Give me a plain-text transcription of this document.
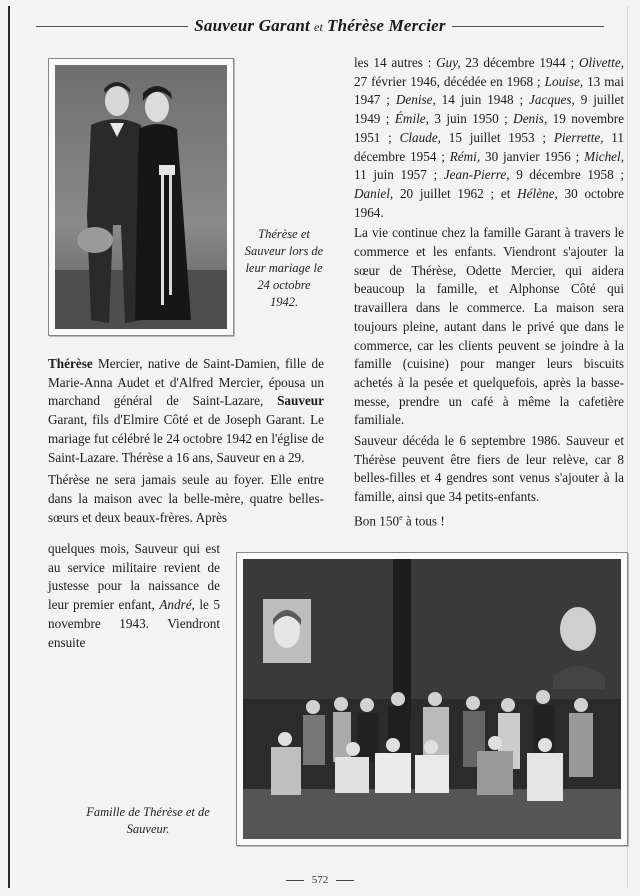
Sauveur Garant et Thérèse Mercier
Thérèse et Sauveur lors de leur mariage le 24 octobre 1942.

Thérèse Mercier, native de Saint-Damien, fille de Marie-Anna Audet et d'Alfred Mercier, épousa un marchand général de Saint-Lazare, Sauveur Garant, fils d'Elmire Côté et de Joseph Garant. Le mariage fut célébré le 24 octobre 1942 en l'église de Saint-Lazare. Thérèse a 16 ans, Sauveur en a 29.

Thérèse ne sera jamais seule au foyer. Elle entre dans la maison avec la belle-mère, quatre belles-sœurs et deux beaux-frères. Après

quelques mois, Sauveur qui est au service militaire revient de justesse pour la naissance de leur premier enfant, André, le 5 novembre 1943. Viendront ensuite

les 14 autres : Guy, 23 décembre 1944 ; Olivette, 27 février 1946, décédée en 1968 ; Louise, 13 mai 1947 ; Denise, 14 juin 1948 ; Jacques, 9 juillet 1949 ; Émile, 3 juin 1950 ; Denis, 19 novembre 1951 ; Claude, 15 juillet 1953 ; Pierrette, 11 décembre 1954 ; Rémi, 30 janvier 1956 ; Michel, 11 juin 1957 ; Jean-Pierre, 9 décembre 1958 ; Daniel, 20 juillet 1962 ; et Hélène, 30 octobre 1964.

La vie continue chez la famille Garant à travers le commerce et les enfants. Viendront s'ajouter la sœur de Thérèse, Odette Mercier, qui aidera beaucoup la famille, et Alphonse Côté qui travaillera dans le commerce. La maison sera toujours pleine, autant dans le privé que dans le commerce, car les clients peuvent se joindre à la famille (cuisine) pour manger leurs biscuits achetés à la pesée et quelquefois, après la basse-messe, prendre un café à même la cafetière familiale.

Sauveur décéda le 6 septembre 1986. Sauveur et Thérèse peuvent être fiers de leur relève, car 8 belles-filles et 4 gendres sont venus s'ajouter à la famille, ainsi que 34 petits-enfants.

Bon 150e à tous !

Famille de Thérèse et de Sauveur.
572
